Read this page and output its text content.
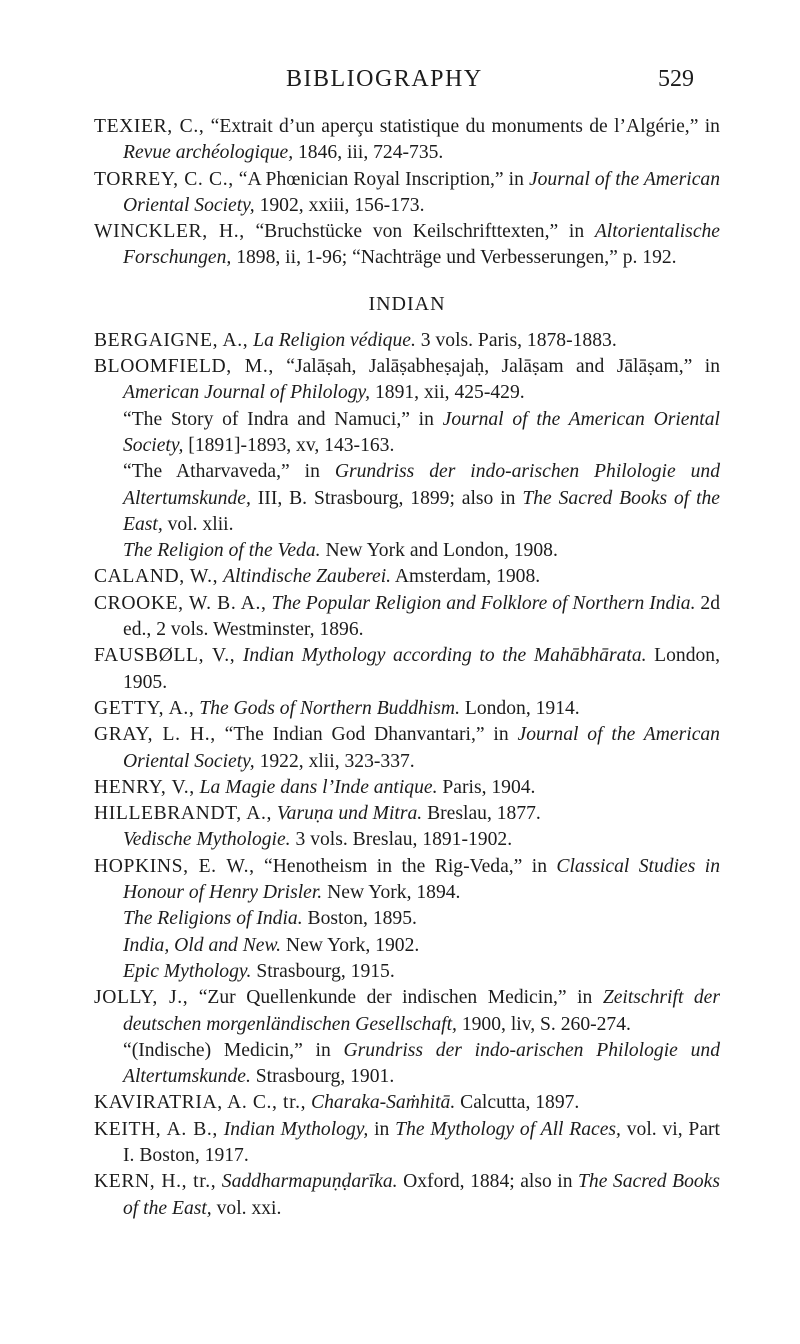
BIBLIOGRAPHY	529
TEXIER, C., “Extrait d’un aperçu statistique du monuments de l’Algérie,” in Revue archéologique, 1846, iii, 724-735.
TORREY, C. C., “A Phœnician Royal Inscription,” in Journal of the American Oriental Society, 1902, xxiii, 156-173.
WINCKLER, H., “Bruchstücke von Keilschrifttexten,” in Altorientalische Forschungen, 1898, ii, 1-96; “Nachträge und Verbesserungen,” p. 192.
INDIAN
BERGAIGNE, A., La Religion védique. 3 vols. Paris, 1878-1883.
BLOOMFIELD, M., “Jalāṣah, Jalāṣabheṣajaḥ, Jalāṣam and Jālāṣam,” in American Journal of Philology, 1891, xii, 425-429.
“The Story of Indra and Namuci,” in Journal of the American Oriental Society, [1891]-1893, xv, 143-163.
“The Atharvaveda,” in Grundriss der indo-arischen Philologie und Altertumskunde, III, B. Strasbourg, 1899; also in The Sacred Books of the East, vol. xlii.
The Religion of the Veda. New York and London, 1908.
CALAND, W., Altindische Zauberei. Amsterdam, 1908.
CROOKE, W. B. A., The Popular Religion and Folklore of Northern India. 2d ed., 2 vols. Westminster, 1896.
FAUSBØLL, V., Indian Mythology according to the Mahābhārata. London, 1905.
GETTY, A., The Gods of Northern Buddhism. London, 1914.
GRAY, L. H., “The Indian God Dhanvantari,” in Journal of the American Oriental Society, 1922, xlii, 323-337.
HENRY, V., La Magie dans l’Inde antique. Paris, 1904.
HILLEBRANDT, A., Varuṇa und Mitra. Breslau, 1877.
Vedische Mythologie. 3 vols. Breslau, 1891-1902.
HOPKINS, E. W., “Henotheism in the Rig-Veda,” in Classical Studies in Honour of Henry Drisler. New York, 1894.
The Religions of India. Boston, 1895.
India, Old and New. New York, 1902.
Epic Mythology. Strasbourg, 1915.
JOLLY, J., “Zur Quellenkunde der indischen Medicin,” in Zeitschrift der deutschen morgenländischen Gesellschaft, 1900, liv, S. 260-274.
“(Indische) Medicin,” in Grundriss der indo-arischen Philologie und Altertumskunde. Strasbourg, 1901.
KAVIRATRIA, A. C., tr., Charaka-Saṁhitā. Calcutta, 1897.
KEITH, A. B., Indian Mythology, in The Mythology of All Races, vol. vi, Part I. Boston, 1917.
KERN, H., tr., Saddharmapuṇḍarīka. Oxford, 1884; also in The Sacred Books of the East, vol. xxi.
